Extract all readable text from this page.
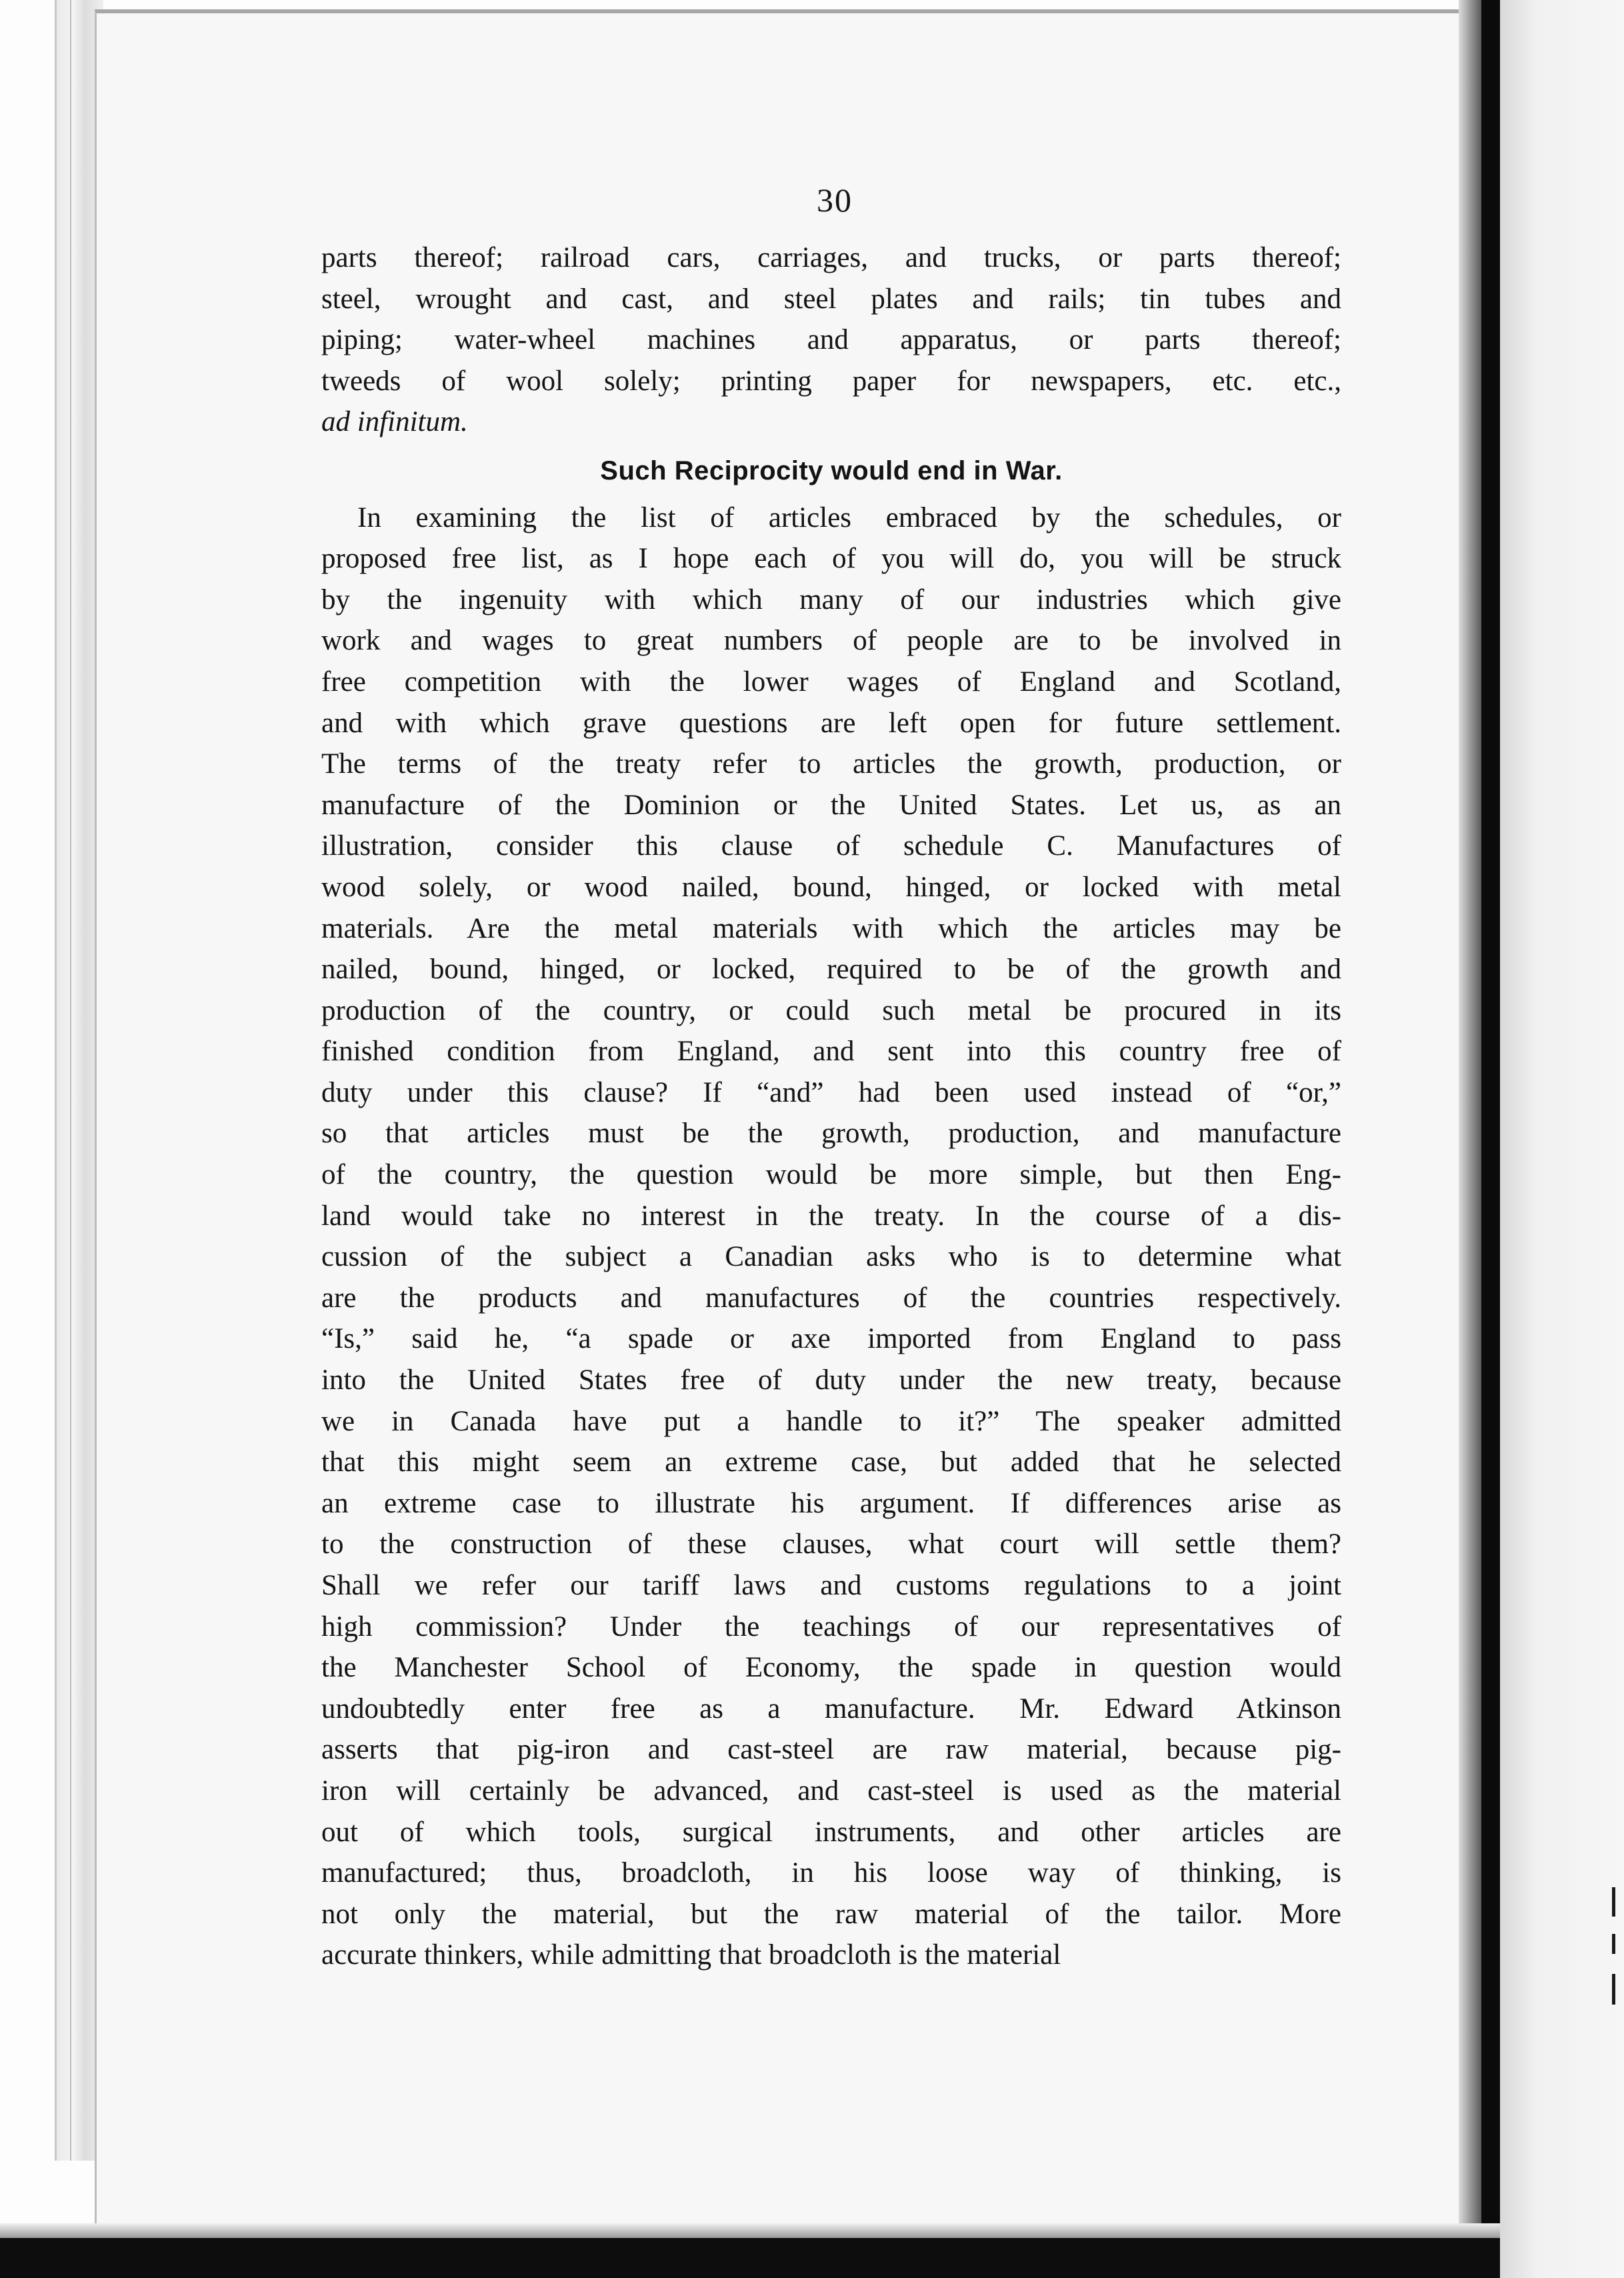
30
parts thereof; railroad cars, carriages, and trucks, or parts thereof;
steel, wrought and cast, and steel plates and rails; tin tubes and
piping; water-wheel machines and apparatus, or parts thereof;
tweeds of wool solely; printing paper for newspapers, etc. etc.,
ad infinitum.
Such Reciprocity would end in War.
In examining the list of articles embraced by the schedules, or
proposed free list, as I hope each of you will do, you will be struck
by the ingenuity with which many of our industries which give
work and wages to great numbers of people are to be involved in
free competition with the lower wages of England and Scotland,
and with which grave questions are left open for future settlement.
The terms of the treaty refer to articles the growth, production, or
manufacture of the Dominion or the United States. Let us, as an
illustration, consider this clause of schedule C. Manufactures of
wood solely, or wood nailed, bound, hinged, or locked with metal
materials. Are the metal materials with which the articles may be
nailed, bound, hinged, or locked, required to be of the growth and
production of the country, or could such metal be procured in its
finished condition from England, and sent into this country free of
duty under this clause? If “and” had been used instead of “or,”
so that articles must be the growth, production, and manufacture
of the country, the question would be more simple, but then Eng-
land would take no interest in the treaty. In the course of a dis-
cussion of the subject a Canadian asks who is to determine what
are the products and manufactures of the countries respectively.
“Is,” said he, “a spade or axe imported from England to pass
into the United States free of duty under the new treaty, because
we in Canada have put a handle to it?” The speaker admitted
that this might seem an extreme case, but added that he selected
an extreme case to illustrate his argument. If differences arise as
to the construction of these clauses, what court will settle them?
Shall we refer our tariff laws and customs regulations to a joint
high commission? Under the teachings of our representatives of
the Manchester School of Economy, the spade in question would
undoubtedly enter free as a manufacture. Mr. Edward Atkinson
asserts that pig-iron and cast-steel are raw material, because pig-
iron will certainly be advanced, and cast-steel is used as the material
out of which tools, surgical instruments, and other articles are
manufactured; thus, broadcloth, in his loose way of thinking, is
not only the material, but the raw material of the tailor. More
accurate thinkers, while admitting that broadcloth is the material
